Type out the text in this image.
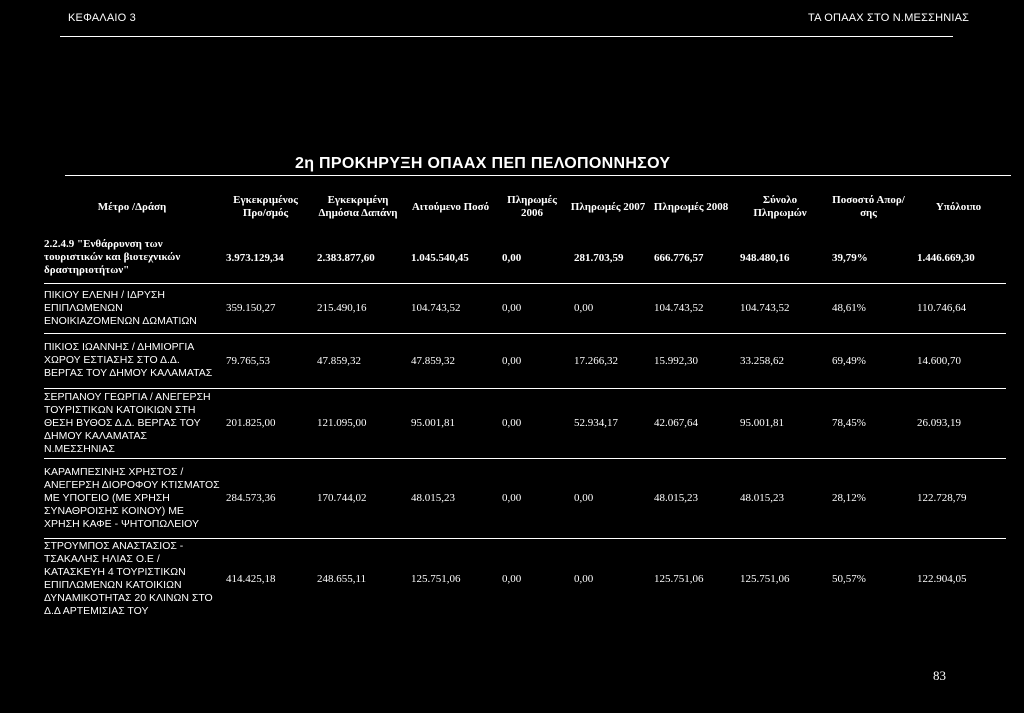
ΚΕΦΑΛΑΙΟ 3	ΤΑ ΟΠΑΑΧ ΣΤΟ Ν.ΜΕΣΣΗΝΙΑΣ
2η ΠΡΟΚΗΡΥΞΗ ΟΠΑΑΧ ΠΕΠ ΠΕΛΟΠΟΝΝΗΣΟΥ
Μέτρο /Δράση	Εγκεκριμένος Προ/σμός	Εγκεκριμένη Δημόσια Δαπάνη	Αιτούμενο Ποσό	Πληρωμές 2006	Πληρωμές 2007	Πληρωμές 2008	Σύνολο Πληρωμών	Ποσοστό Απορ/σης	Υπόλοιπο
2.2.4.9 "Ενθάρρυνση των τουριστικών και βιοτεχνικών δραστηριοτήτων"	3.973.129,34	2.383.877,60	1.045.540,45	0,00	281.703,59	666.776,57	948.480,16	39,79%	1.446.669,30
ΠΙΚΙΟΥ ΕΛΕΝΗ / ΙΔΡΥΣΗ ΕΠΙΠΛΩΜΕΝΩΝ ΕΝΟΙΚΙΑΖΟΜΕΝΩΝ ΔΩΜΑΤΙΩΝ	359.150,27	215.490,16	104.743,52	0,00	0,00	104.743,52	104.743,52	48,61%	110.746,64
ΠΙΚΙΟΣ ΙΩΑΝΝΗΣ / ΔΗΜΙΟΡΓΙΑ ΧΩΡΟΥ ΕΣΤΙΑΣΗΣ ΣΤΟ Δ.Δ. ΒΕΡΓΑΣ ΤΟΥ ΔΗΜΟΥ ΚΑΛΑΜΑΤΑΣ	79.765,53	47.859,32	47.859,32	0,00	17.266,32	15.992,30	33.258,62	69,49%	14.600,70
ΣΕΡΠΑΝΟΥ ΓΕΩΡΓΙΑ / ΑΝΕΓΕΡΣΗ ΤΟΥΡΙΣΤΙΚΩΝ ΚΑΤΟΙΚΙΩΝ ΣΤΗ ΘΕΣΗ ΒΥΘΟΣ Δ.Δ. ΒΕΡΓΑΣ ΤΟΥ ΔΗΜΟΥ ΚΑΛΑΜΑΤΑΣ Ν.ΜΕΣΣΗΝΙΑΣ	201.825,00	121.095,00	95.001,81	0,00	52.934,17	42.067,64	95.001,81	78,45%	26.093,19
ΚΑΡΑΜΠΕΣΙΝΗΣ ΧΡΗΣΤΟΣ / ΑΝΕΓΕΡΣΗ ΔΙΟΡΟΦΟΥ ΚΤΙΣΜΑΤΟΣ ΜΕ ΥΠΟΓΕΙΟ (ΜΕ ΧΡΗΣΗ ΣΥΝΑΘΡΟΙΣΗΣ ΚΟΙΝΟΥ) ΜΕ ΧΡΗΣΗ ΚΑΦΕ - ΨΗΤΟΠΩΛΕΙΟΥ	284.573,36	170.744,02	48.015,23	0,00	0,00	48.015,23	48.015,23	28,12%	122.728,79
ΣΤΡΟΥΜΠΟΣ ΑΝΑΣΤΑΣΙΟΣ - ΤΣΑΚΑΛΗΣ ΗΛΙΑΣ Ο.Ε / ΚΑΤΑΣΚΕΥΗ 4 ΤΟΥΡΙΣΤΙΚΩΝ ΕΠΙΠΛΩΜΕΝΩΝ ΚΑΤΟΙΚΙΩΝ ΔΥΝΑΜΙΚΟΤΗΤΑΣ 20 ΚΛΙΝΩΝ ΣΤΟ Δ.Δ ΑΡΤΕΜΙΣΙΑΣ ΤΟΥ	414.425,18	248.655,11	125.751,06	0,00	0,00	125.751,06	125.751,06	50,57%	122.904,05
83
